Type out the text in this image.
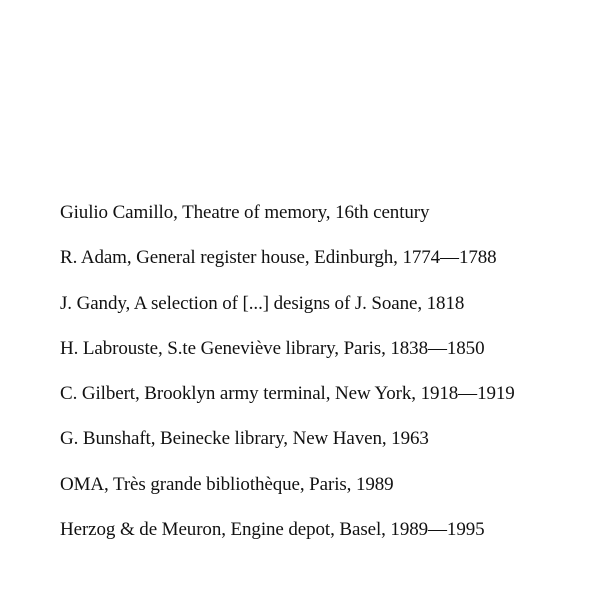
Giulio Camillo, Theatre of memory, 16th century
R. Adam, General register house, Edinburgh, 1774—1788
J. Gandy, A selection of [...] designs of J. Soane, 1818
H. Labrouste, S.te Geneviève library, Paris, 1838—1850
C. Gilbert, Brooklyn army terminal, New York, 1918—1919
G. Bunshaft, Beinecke library, New Haven, 1963
OMA, Très grande bibliothèque, Paris, 1989
Herzog & de Meuron, Engine depot, Basel, 1989—1995
